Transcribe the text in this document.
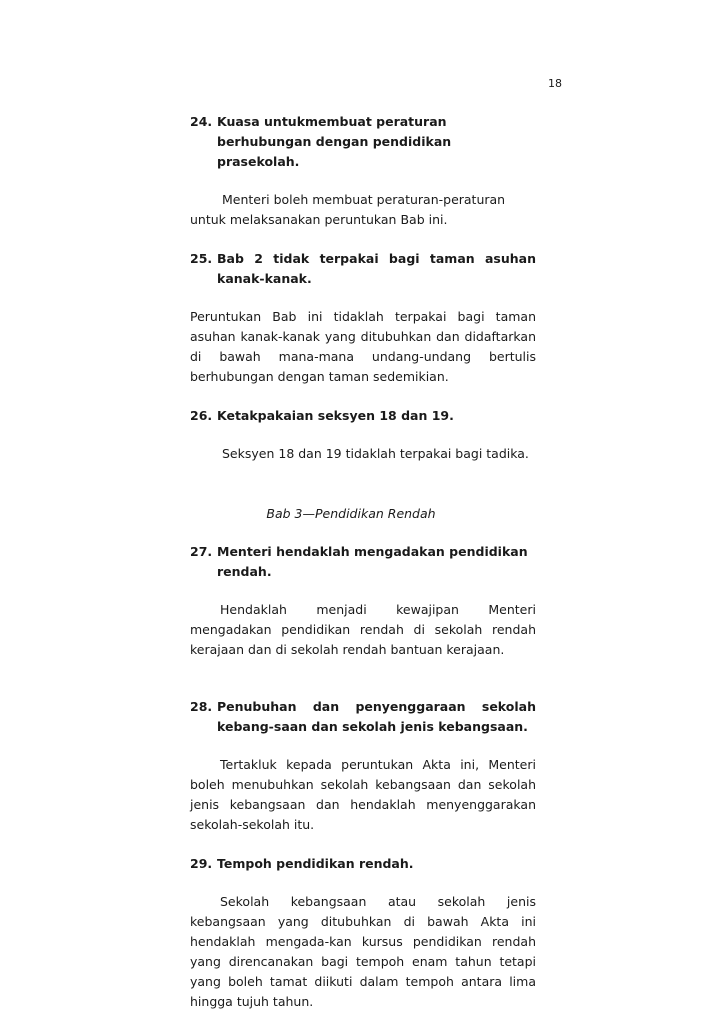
18
24. Kuasa untukmembuat peraturan berhubungan dengan pendidikan prasekolah.

Menteri boleh membuat peraturan-peraturan untuk melaksanakan peruntukan Bab ini.

25. Bab 2 tidak terpakai bagi taman asuhan kanak-kanak.

Peruntukan Bab ini tidaklah terpakai bagi taman asuhan kanak-kanak yang ditubuhkan dan didaftarkan di bawah mana-mana undang-undang bertulis berhubungan dengan taman sedemikian.

26. Ketakpakaian seksyen 18 dan 19.

Seksyen 18 dan 19 tidaklah terpakai bagi tadika.

Bab 3—Pendidikan Rendah
27. Menteri hendaklah mengadakan pendidikan rendah.

Hendaklah menjadi kewajipan Menteri mengadakan pendidikan rendah di sekolah rendah kerajaan dan di sekolah rendah bantuan kerajaan.

28. Penubuhan dan penyenggaraan sekolah kebang-saan dan sekolah jenis kebangsaan.

Tertakluk kepada peruntukan Akta ini, Menteri boleh menubuhkan sekolah kebangsaan dan sekolah jenis kebangsaan dan hendaklah menyenggarakan sekolah-sekolah itu.

29. Tempoh pendidikan rendah.

Sekolah kebangsaan atau sekolah jenis kebangsaan yang ditubuhkan di bawah Akta ini hendaklah mengada-kan kursus pendidikan rendah yang direncanakan bagi tempoh enam tahun tetapi yang boleh tamat diikuti dalam tempoh antara lima hingga tujuh tahun.
